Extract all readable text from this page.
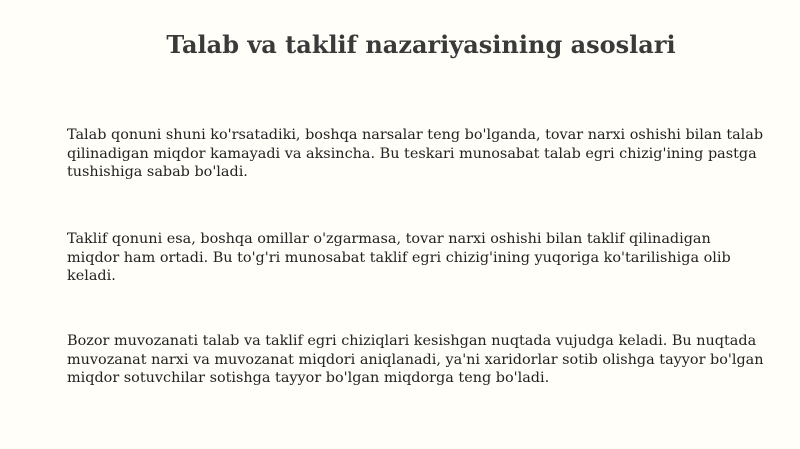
Talab va taklif nazariyasining asoslari

Talab qonuni shuni ko'rsatadiki, boshqa narsalar teng bo'lganda, tovar narxi oshishi bilan talab qilinadigan miqdor kamayadi va aksincha. Bu teskari munosabat talab egri chizig'ining pastga tushishiga sabab bo'ladi.

Taklif qonuni esa, boshqa omillar o'zgarmasa, tovar narxi oshishi bilan taklif qilinadigan miqdor ham ortadi. Bu to'g'ri munosabat taklif egri chizig'ining yuqoriga ko'tarilishiga olib keladi.

Bozor muvozanati talab va taklif egri chiziqlari kesishgan nuqtada vujudga keladi. Bu nuqtada muvozanat narxi va muvozanat miqdori aniqlanadi, ya'ni xaridorlar sotib olishga tayyor bo'lgan miqdor sotuvchilar sotishga tayyor bo'lgan miqdorga teng bo'ladi.
